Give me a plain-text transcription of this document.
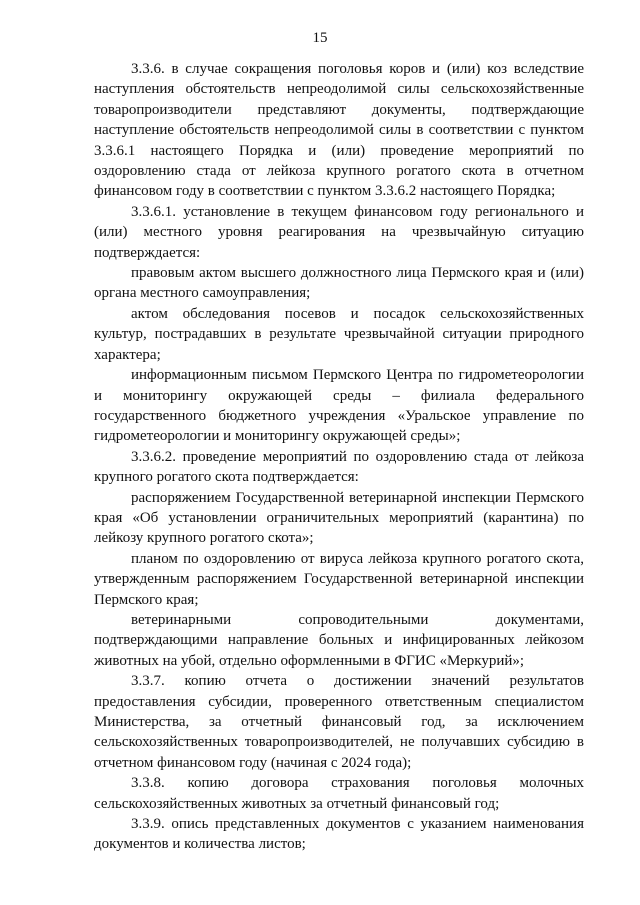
15

3.3.6. в случае сокращения поголовья коров и (или) коз вследствие наступления обстоятельств непреодолимой силы сельскохозяйственные товаропроизводители представляют документы, подтверждающие наступление обстоятельств непреодолимой силы в соответствии с пунктом 3.3.6.1 настоящего Порядка и (или) проведение мероприятий по оздоровлению стада от лейкоза крупного рогатого скота в отчетном финансовом году в соответствии с пунктом 3.3.6.2 настоящего Порядка;

3.3.6.1. установление в текущем финансовом году регионального и (или) местного уровня реагирования на чрезвычайную ситуацию подтверждается:

правовым актом высшего должностного лица Пермского края и (или) органа местного самоуправления;

актом обследования посевов и посадок сельскохозяйственных культур, пострадавших в результате чрезвычайной ситуации природного характера;

информационным письмом Пермского Центра по гидрометеорологии и мониторингу окружающей среды – филиала федерального государственного бюджетного учреждения «Уральское управление по гидрометеорологии и мониторингу окружающей среды»;

3.3.6.2. проведение мероприятий по оздоровлению стада от лейкоза крупного рогатого скота подтверждается:

распоряжением Государственной ветеринарной инспекции Пермского края «Об установлении ограничительных мероприятий (карантина) по лейкозу крупного рогатого скота»;

планом по оздоровлению от вируса лейкоза крупного рогатого скота, утвержденным распоряжением Государственной ветеринарной инспекции Пермского края;

ветеринарными сопроводительными документами, подтверждающими направление больных и инфицированных лейкозом животных на убой, отдельно оформленными в ФГИС «Меркурий»;

3.3.7. копию отчета о достижении значений результатов предоставления субсидии, проверенного ответственным специалистом Министерства, за отчетный финансовый год, за исключением сельскохозяйственных товаропроизводителей, не получавших субсидию в отчетном финансовом году (начиная с 2024 года);

3.3.8. копию договора страхования поголовья молочных сельскохозяйственных животных за отчетный финансовый год;

3.3.9. опись представленных документов с указанием наименования документов и количества листов;
